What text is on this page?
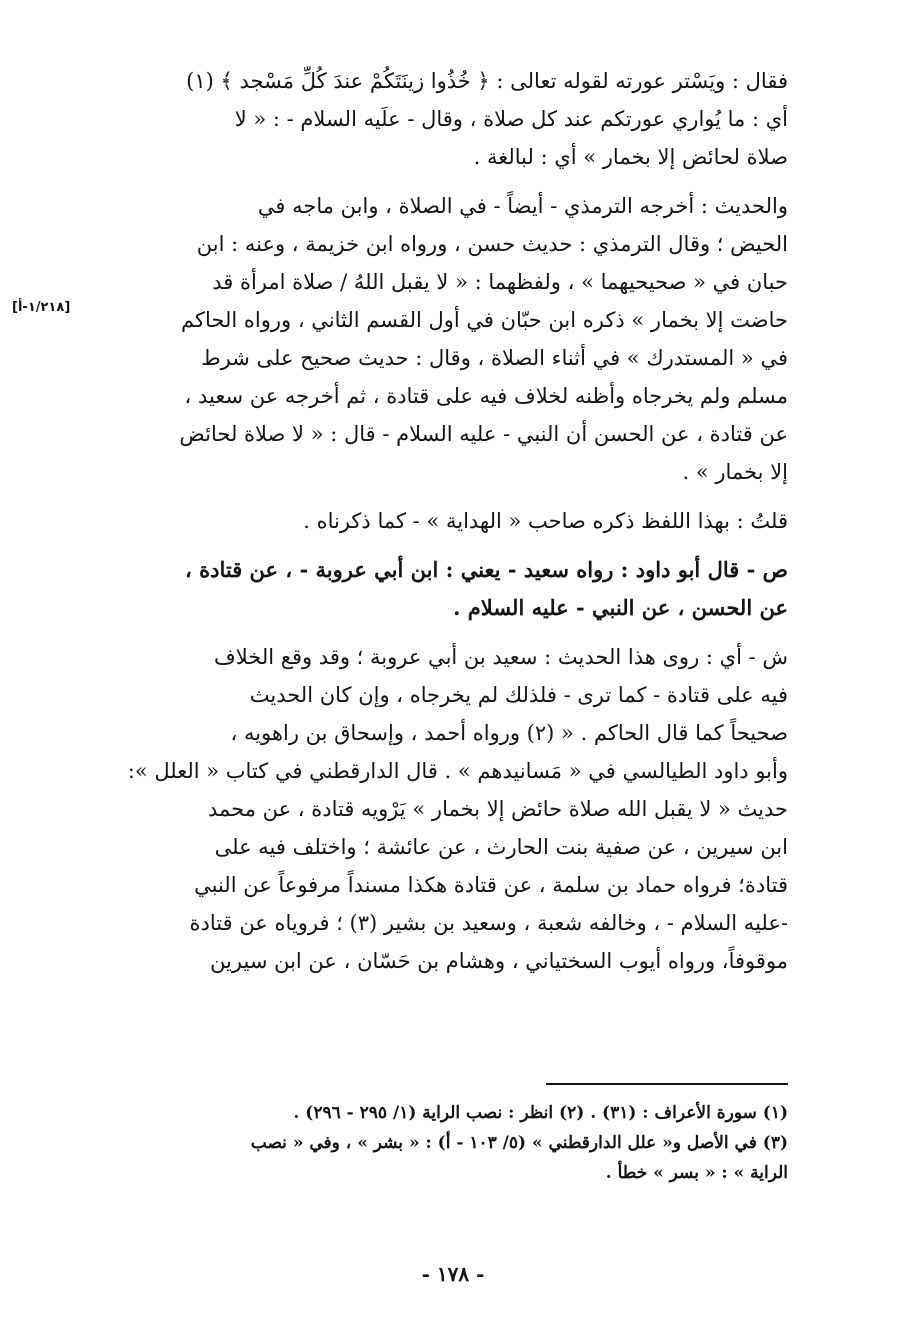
[١/٢١٨-أ]

فقال : ويَسْتر عورته لقوله تعالى : ﴿ خُذُوا زينَتَكُمْ عندَ كُلِّ مَسْجد ﴾ (١)
أي : ما يُواري عورتكم عند كل صلاة ، وقال - علَيه السلام - : « لا
صلاة لحائض إلا بخمار » أي : لبالغة .

والحديث : أخرجه الترمذي - أيضاً - في الصلاة ، وابن ماجه في
الحيض ؛ وقال الترمذي : حديث حسن ، ورواه ابن خزيمة ، وعنه : ابن
حبان في « صحيحيهما » ، ولفظهما : « لا يقبل اللهُ / صلاة امرأة قد
حاضت إلا بخمار » ذكره ابن حبّان في أول القسم الثاني ، ورواه الحاكم
في « المستدرك » في أثناء الصلاة ، وقال : حديث صحيح على شرط
مسلم ولم يخرجاه وأظنه لخلاف فيه على قتادة ، ثم أخرجه عن سعيد ،
عن قتادة ، عن الحسن أن النبي - عليه السلام - قال : « لا صلاة لحائض
إلا بخمار » .

قلتُ : بهذا اللفظ ذكره صاحب « الهداية » - كما ذكرناه .

ص - قال أبو داود : رواه سعيد - يعني : ابن أبي عروبة - ، عن قتادة ،
عن الحسن ، عن النبي - عليه السلام .

ش - أي : روى هذا الحديث : سعيد بن أبي عروبة ؛ وقد وقع الخلاف
فيه على قتادة - كما ترى - فلذلك لم يخرجاه ، وإن كان الحديث
صحيحاً كما قال الحاكم . « (٢) ورواه أحمد ، وإسحاق بن راهويه ،
وأبو داود الطيالسي في « مَسانيدهم » . قال الدارقطني في كتاب « العلل »:
حديث « لا يقبل الله صلاة حائض إلا بخمار » يَرْويه قتادة ، عن محمد
ابن سيرين ، عن صفية بنت الحارث ، عن عائشة ؛ واختلف فيه على
قتادة؛ فرواه حماد بن سلمة ، عن قتادة هكذا مسنداً مرفوعاً عن النبي
-عليه السلام - ، وخالفه شعبة ، وسعيد بن بشير (٣) ؛ فروياه عن قتادة
موقوفاً، ورواه أيوب السختياني ، وهشام بن حَسّان ، عن ابن سيرين

(١) سورة الأعراف : (٣١) . (٢) انظر : نصب الراية (١/ ٢٩٥ - ٢٩٦) .
(٣) في الأصل و« علل الدارقطني » (٥/ ١٠٣ - أ) : « بشر » ، وفي « نصب
الراية » : « بسر » خطأ .
- ١٧٨ -
